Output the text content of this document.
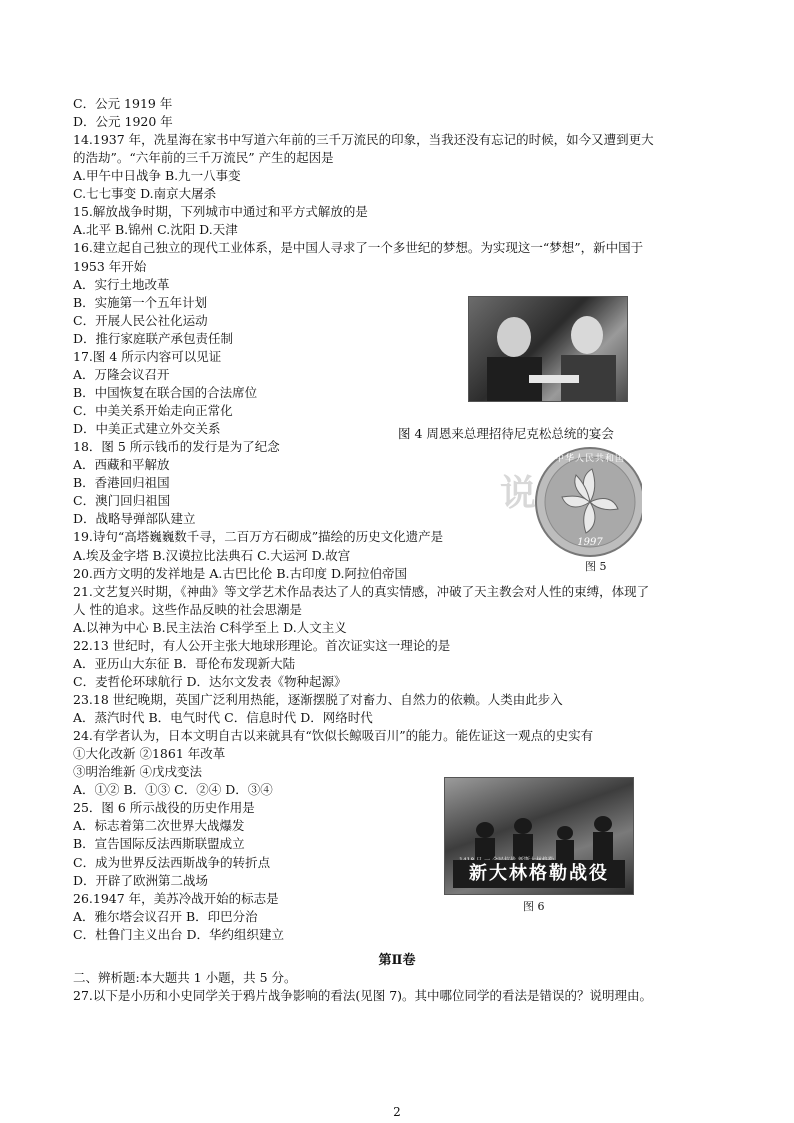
C．公元 1919 年
D．公元 1920 年
14.1937 年，冼星海在家书中写道六年前的三千万流民的印象，当我还没有忘记的时候，如今又遭到更大
的浩劫”。“六年前的三千万流民” 产生的起因是
A.甲午中日战争 B.九一八事变
C.七七事变 D.南京大屠杀
15.解放战争时期，下列城市中通过和平方式解放的是
A.北平 B.锦州 C.沈阳 D.天津
16.建立起自己独立的现代工业体系，是中国人寻求了一个多世纪的梦想。为实现这一“梦想”，新中国于
1953 年开始
A．实行土地改革
B．实施第一个五年计划
C．开展人民公社化运动
D．推行家庭联产承包责任制
17.图 4 所示内容可以见证
A．万隆会议召开
B．中国恢复在联合国的合法席位
C．中美关系开始走向正常化
D．中美正式建立外交关系
18．图 5 所示钱币的发行是为了纪念
A．西藏和平解放
B．香港回归祖国
C．澳门回归祖国
D．战略导弹部队建立
19.诗句“高塔巍巍数千寻，二百万方石砌成”描绘的历史文化遗产是
A.埃及金字塔 B.汉谟拉比法典石 C.大运河 D.故宫
20.西方文明的发祥地是 A.古巴比伦 B.古印度 D.阿拉伯帝国
21.文艺复兴时期，《神曲》等文学艺术作品表达了人的真实情感，冲破了天主教会对人性的束缚，体现了
人 性的追求。这些作品反映的社会思潮是
A.以神为中心 B.民主法治 C科学至上 D.人文主义
22.13 世纪时，有人公开主张大地球形理论。首次证实这一理论的是
A．亚历山大东征 B．哥伦布发现新大陆
C．麦哲伦环球航行 D．达尔文发表《物种起源》
23.18 世纪晚期，英国广泛利用热能，逐渐摆脱了对畜力、自然力的依赖。人类由此步入
A．蒸汽时代 B．电气时代 C．信息时代 D．网络时代
24.有学者认为，日本文明自古以来就具有“饮似长鲸吸百川”的能力。能佐证这一观点的史实有
①大化改新 ②1861 年改革
③明治维新 ④戊戌变法
A．①② B．①③ C．②④ D．③④
25．图 6 所示战役的历史作用是
A．标志着第二次世界大战爆发
B．宣告国际反法西斯联盟成立
C．成为世界反法西斯战争的转折点
D．开辟了欧洲第二战场
26.1947 年，美苏冷战开始的标志是
A．雅尔塔会议召开 B．印巴分治
C．杜鲁门主义出台 D．华约组织建立
图 4 周恩来总理招待尼克松总统的宴会
中华人民共和国
1997
说
图 5
新大林格勒战役
图 6
第Ⅱ卷
二、辨析题:本大题共 1 小题，共 5 分。
27.以下是小历和小史同学关于鸦片战争影响的看法(见图 7)。其中哪位同学的看法是错误的？说明理由。
2
